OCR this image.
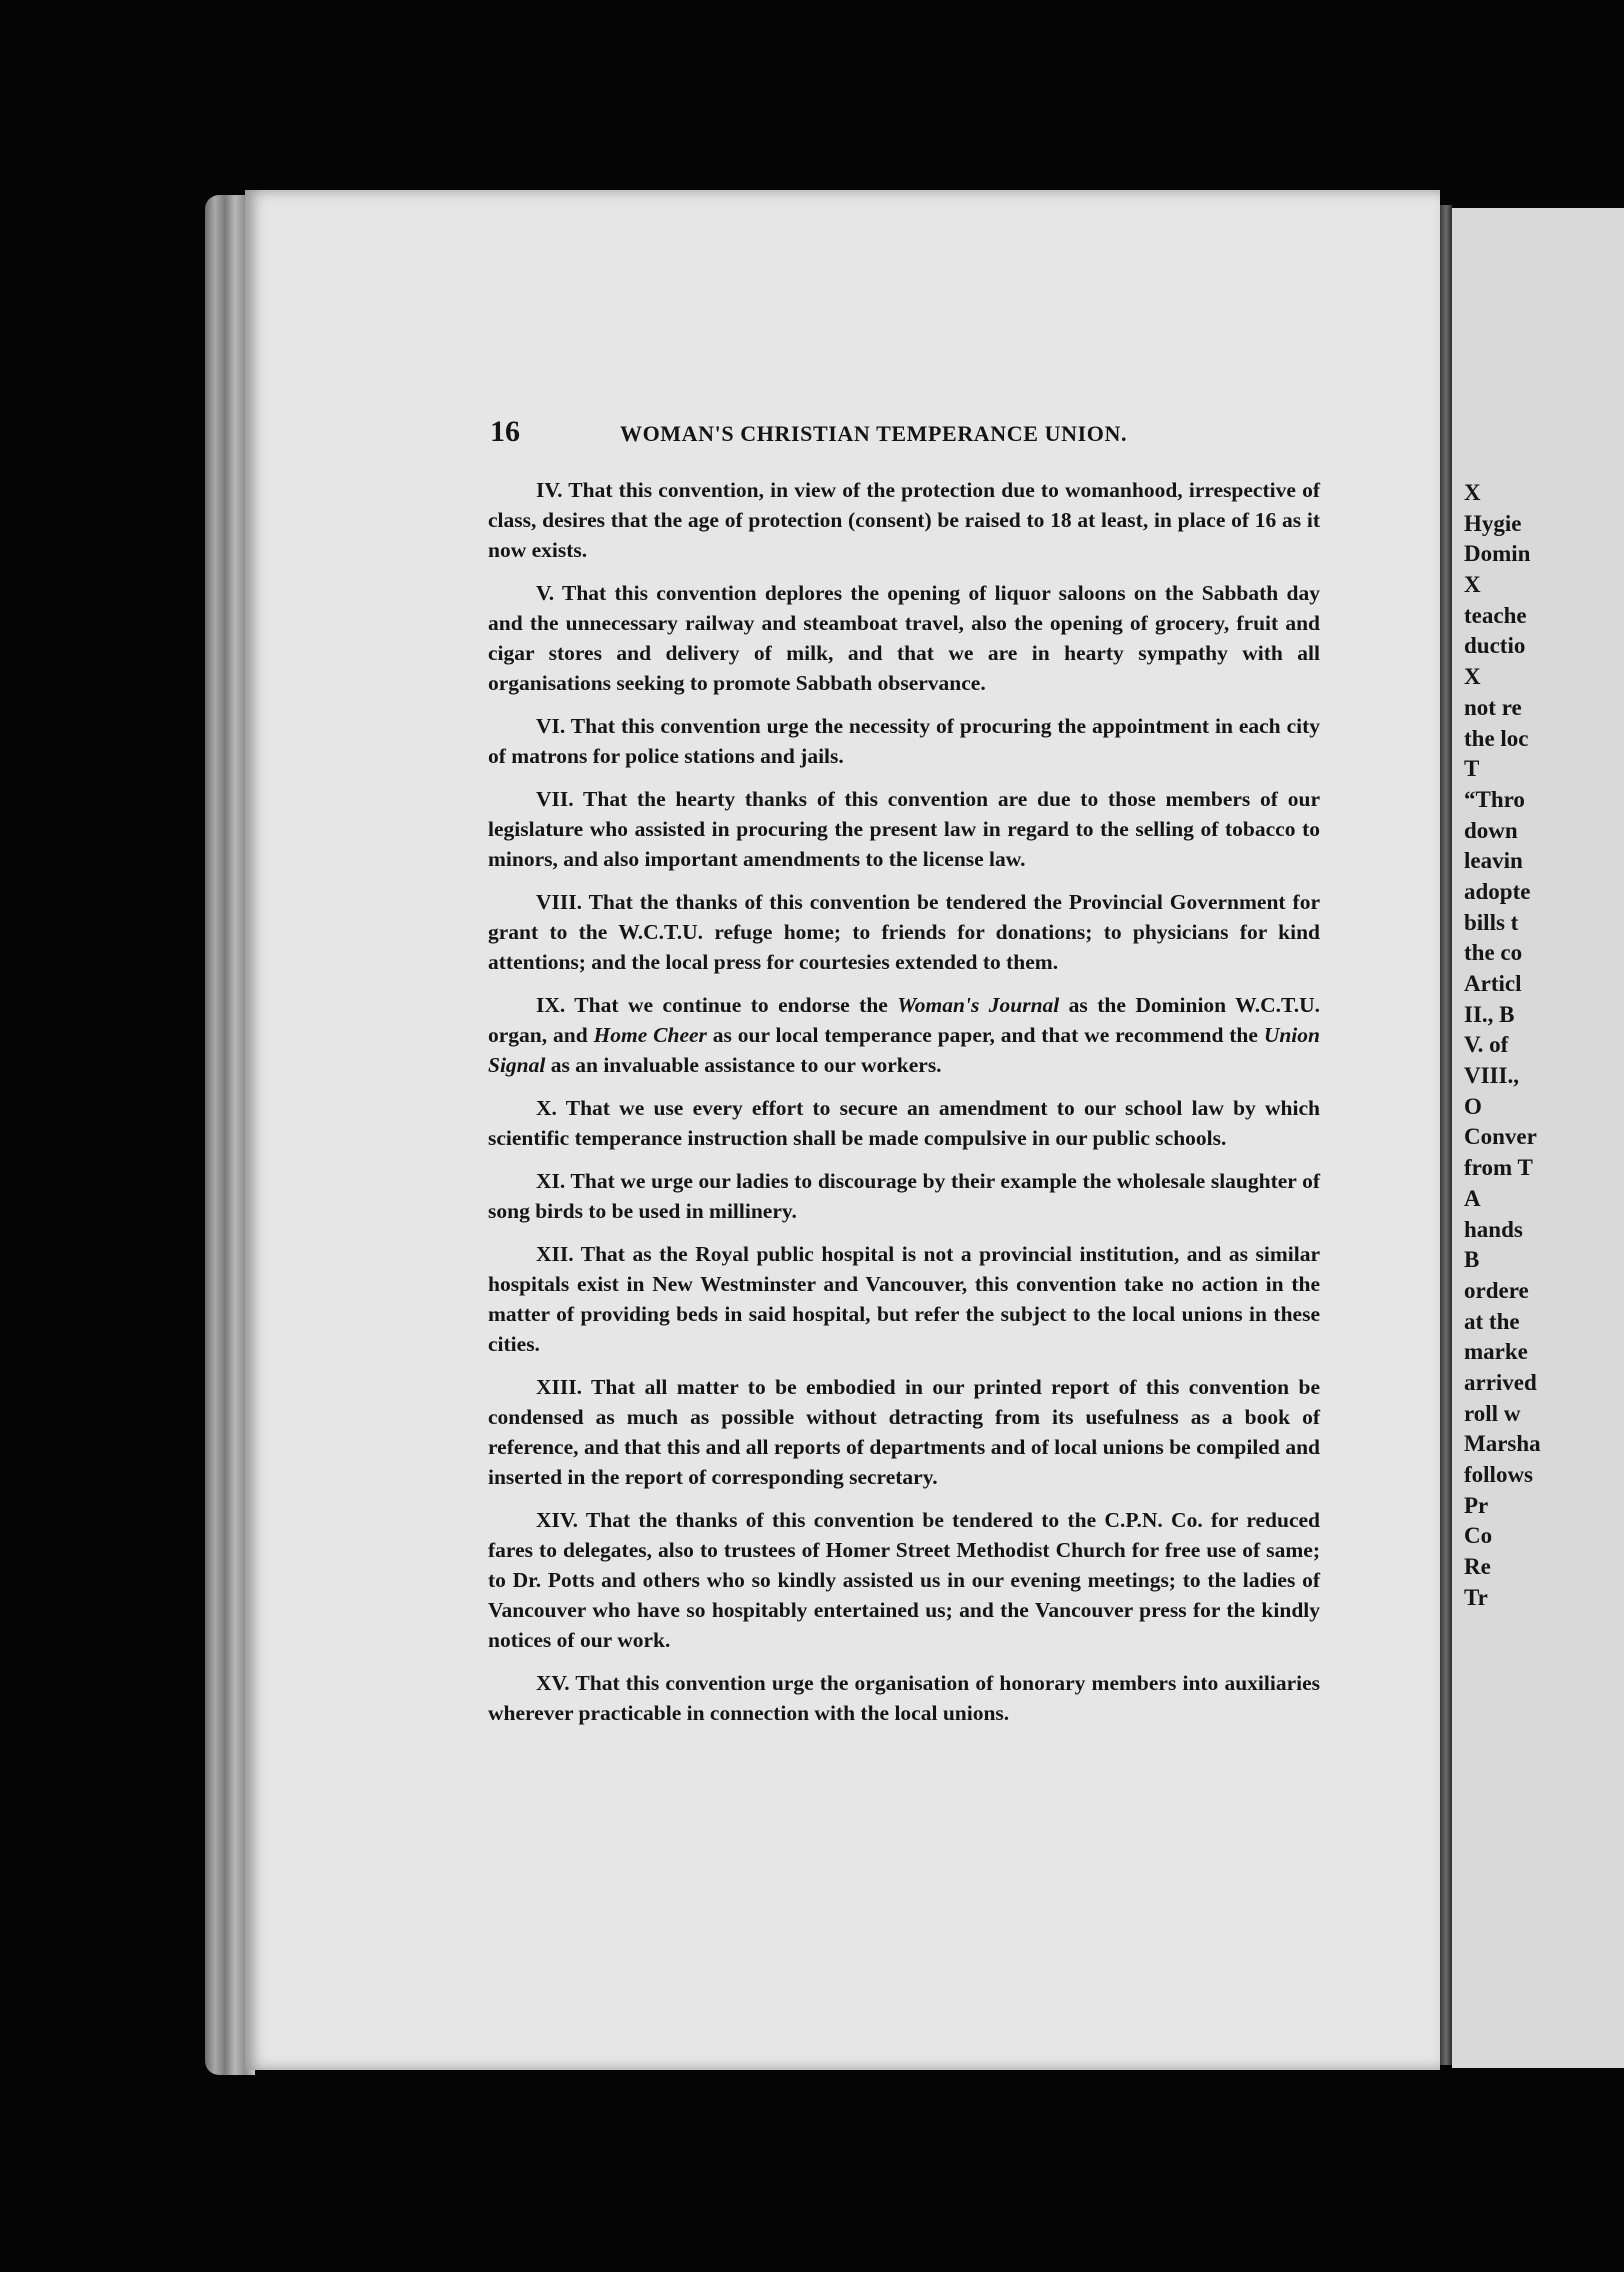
X
Hygie
Domin
X
teache
ductio
X
not re
the loc
T
“Thro
down
leavin
adopte
bills t
the co
Articl
II., B
V. of
VIII.,
O
Conver
from T
A
hands
B
ordere
at the
marke
arrived
roll w
Marsha
follows
Pr
Co
Re
Tr
16	WOMAN'S CHRISTIAN TEMPERANCE UNION.

IV. That this convention, in view of the protection due to womanhood, irrespective of class, desires that the age of protection (consent) be raised to 18 at least, in place of 16 as it now exists.

V. That this convention deplores the opening of liquor saloons on the Sabbath day and the unnecessary railway and steamboat travel, also the opening of grocery, fruit and cigar stores and delivery of milk, and that we are in hearty sympathy with all organisations seeking to promote Sabbath observance.

VI. That this convention urge the necessity of procuring the appointment in each city of matrons for police stations and jails.

VII. That the hearty thanks of this convention are due to those members of our legislature who assisted in procuring the present law in regard to the selling of tobacco to minors, and also important amendments to the license law.

VIII. That the thanks of this convention be tendered the Provincial Government for grant to the W.C.T.U. refuge home; to friends for donations; to physicians for kind attentions; and the local press for courtesies extended to them.

IX. That we continue to endorse the Woman's Journal as the Dominion W.C.T.U. organ, and Home Cheer as our local temperance paper, and that we recommend the Union Signal as an invaluable assistance to our workers.

X. That we use every effort to secure an amendment to our school law by which scientific temperance instruction shall be made compulsive in our public schools.

XI. That we urge our ladies to discourage by their example the wholesale slaughter of song birds to be used in millinery.

XII. That as the Royal public hospital is not a provincial institution, and as similar hospitals exist in New Westminster and Vancouver, this convention take no action in the matter of providing beds in said hospital, but refer the subject to the local unions in these cities.

XIII. That all matter to be embodied in our printed report of this convention be condensed as much as possible without detracting from its usefulness as a book of reference, and that this and all reports of departments and of local unions be compiled and inserted in the report of corresponding secretary.

XIV. That the thanks of this convention be tendered to the C.P.N. Co. for reduced fares to delegates, also to trustees of Homer Street Methodist Church for free use of same; to Dr. Potts and others who so kindly assisted us in our evening meetings; to the ladies of Vancouver who have so hospitably entertained us; and the Vancouver press for the kindly notices of our work.

XV. That this convention urge the organisation of honorary members into auxiliaries wherever practicable in connection with the local unions.
